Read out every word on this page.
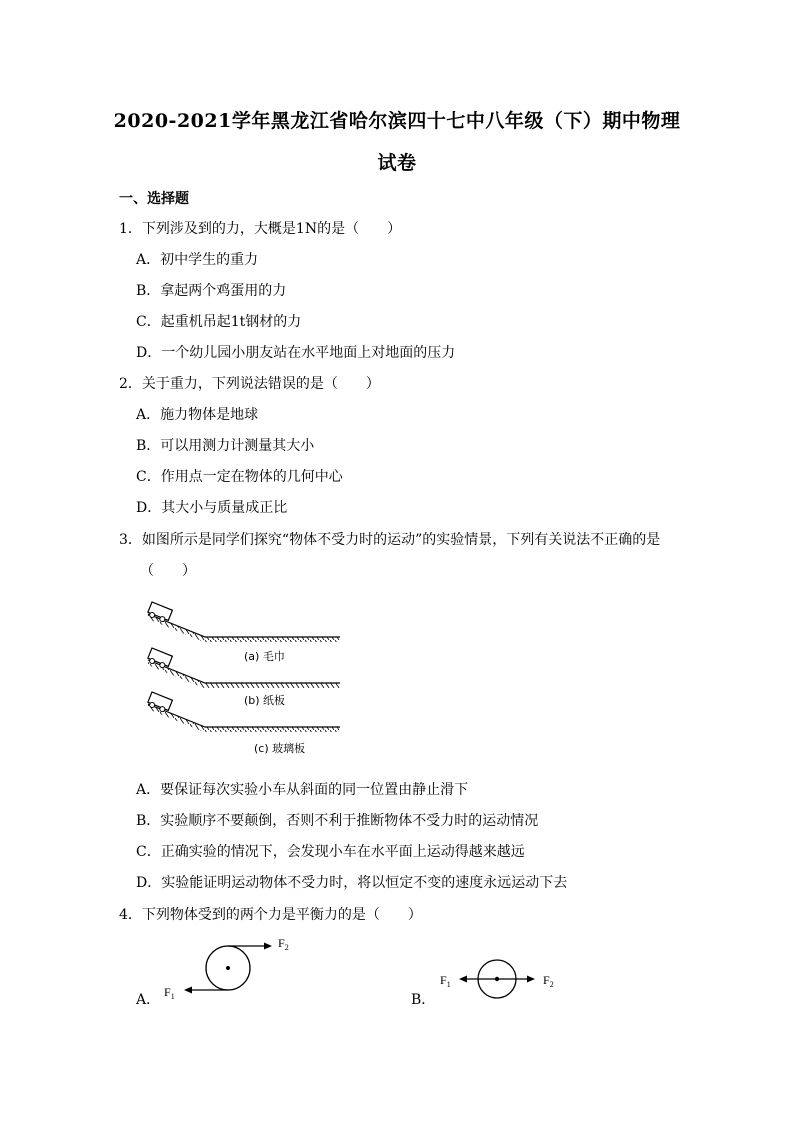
2020-2021学年黑龙江省哈尔滨四十七中八年级（下）期中物理
试卷
一、选择题
1．下列涉及到的力，大概是1N的是（　　）
A．初中学生的重力
B．拿起两个鸡蛋用的力
C．起重机吊起1t钢材的力
D．一个幼儿园小朋友站在水平地面上对地面的压力
2．关于重力，下列说法错误的是（　　）
A．施力物体是地球
B．可以用测力计测量其大小
C．作用点一定在物体的几何中心
D．其大小与质量成正比
3．如图所示是同学们探究“物体不受力时的运动”的实验情景，下列有关说法不正确的是
（　　）
(a) 毛巾
(b) 纸板
(c) 玻璃板
A．要保证每次实验小车从斜面的同一位置由静止滑下
B．实验顺序不要颠倒，否则不利于推断物体不受力时的运动情况
C．正确实验的情况下，会发现小车在水平面上运动得越来越远
D．实验能证明运动物体不受力时，将以恒定不变的速度永远运动下去
4．下列物体受到的两个力是平衡力的是（　　）
A．
$F_2$
$F_1$	B．
$F_1$	$F_2$
